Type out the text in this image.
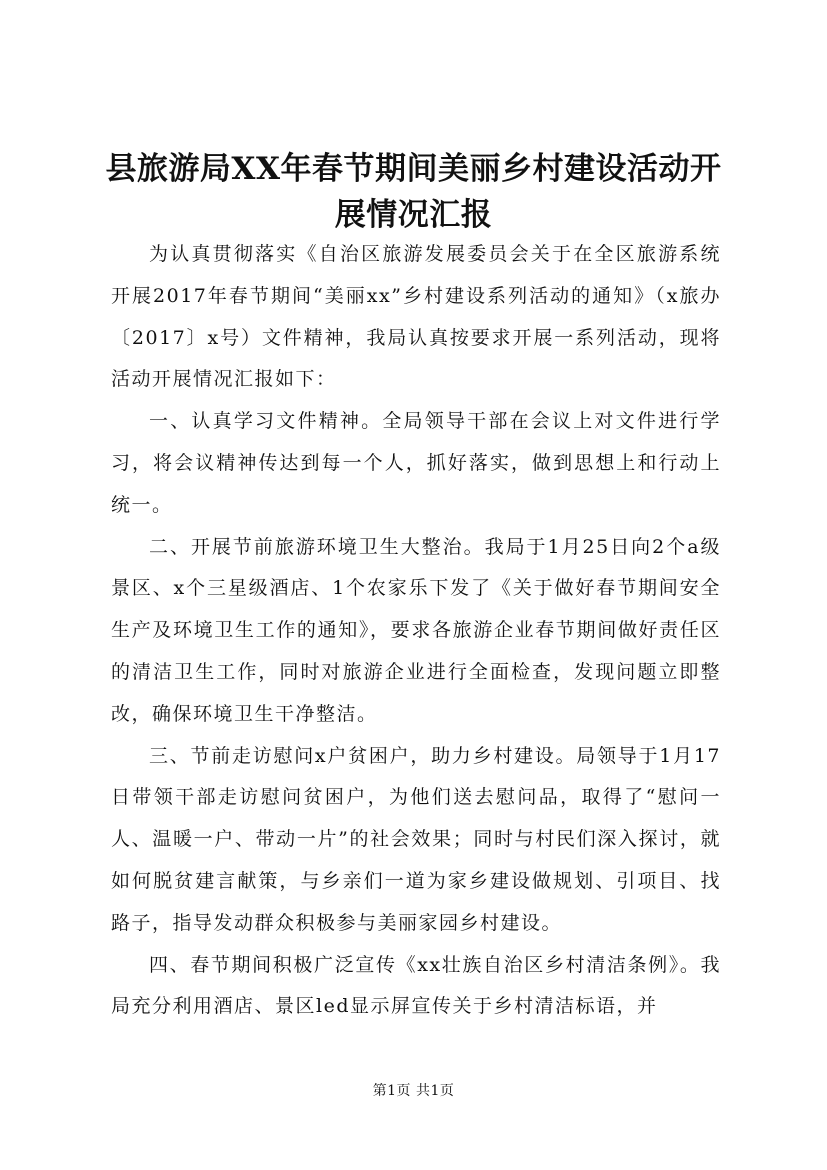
县旅游局XX年春节期间美丽乡村建设活动开展情况汇报

为认真贯彻落实《自治区旅游发展委员会关于在全区旅游系统开展2017年春节期间“美丽xx”乡村建设系列活动的通知》（x旅办〔2017〕x号）文件精神，我局认真按要求开展一系列活动，现将活动开展情况汇报如下：

一、认真学习文件精神。全局领导干部在会议上对文件进行学习，将会议精神传达到每一个人，抓好落实，做到思想上和行动上统一。

二、开展节前旅游环境卫生大整治。我局于1月25日向2个a级景区、x个三星级酒店、1个农家乐下发了《关于做好春节期间安全生产及环境卫生工作的通知》，要求各旅游企业春节期间做好责任区的清洁卫生工作，同时对旅游企业进行全面检查，发现问题立即整改，确保环境卫生干净整洁。

三、节前走访慰问x户贫困户，助力乡村建设。局领导于1月17日带领干部走访慰问贫困户，为他们送去慰问品，取得了“慰问一人、温暖一户、带动一片”的社会效果；同时与村民们深入探讨，就如何脱贫建言献策，与乡亲们一道为家乡建设做规划、引项目、找路子，指导发动群众积极参与美丽家园乡村建设。

四、春节期间积极广泛宣传《xx壮族自治区乡村清洁条例》。我局充分利用酒店、景区led显示屏宣传关于乡村清洁标语，并

第1页 共1页
